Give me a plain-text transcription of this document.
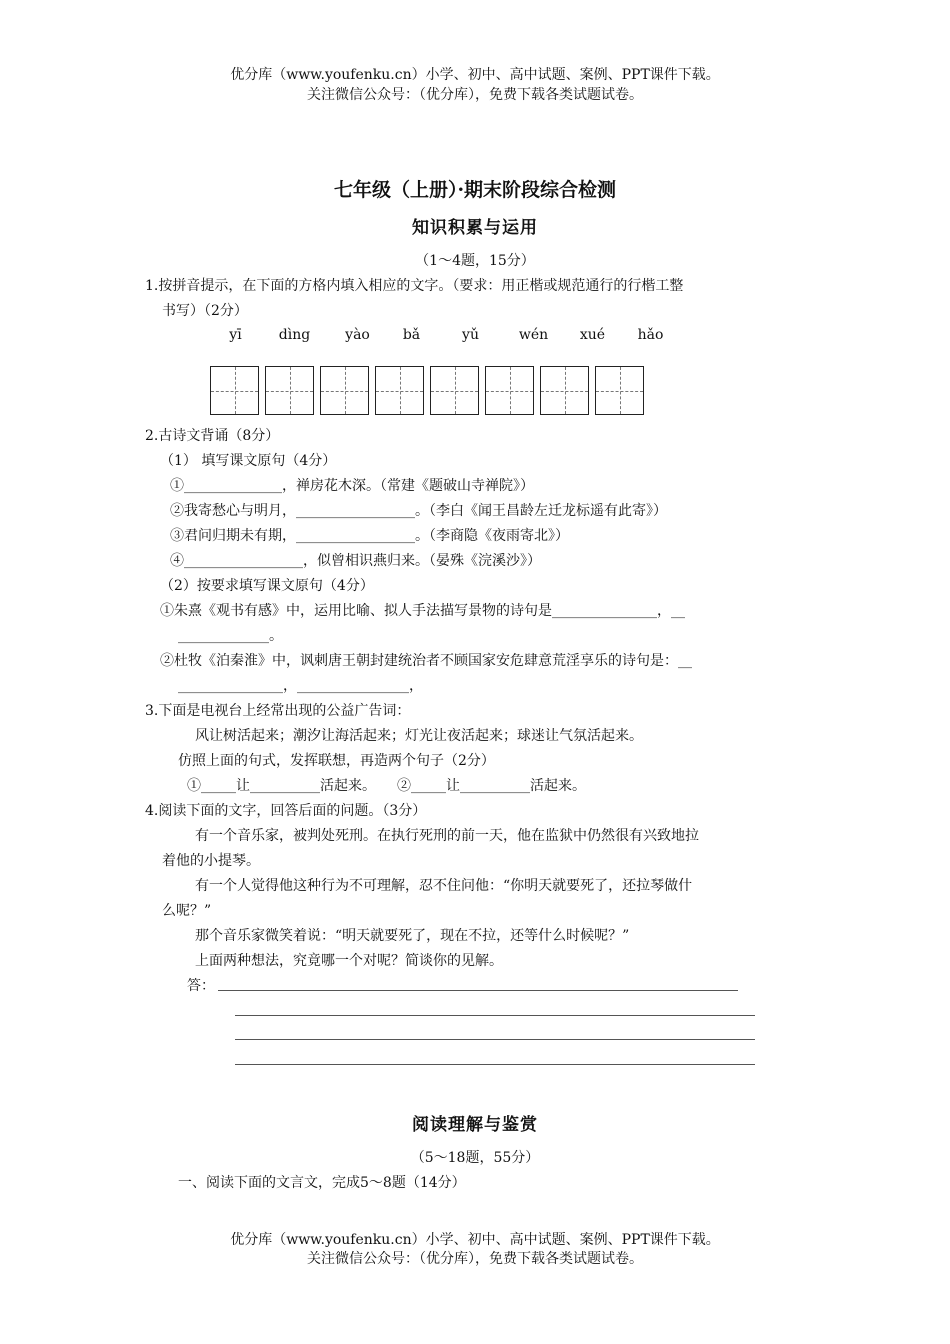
优分库（www.youfenku.cn）小学、初中、高中试题、案例、PPT课件下载。
关注微信公众号：（优分库），免费下载各类试题试卷。
七年级（上册）·期末阶段综合检测
知识积累与运用
（1～4题，15分）
1.按拼音提示，在下面的方格内填入相应的文字。（要求：用正楷或规范通行的行楷工整
书写）（2分）
yī	dìng	yào	bǎ	yǔ	wén	xué	hǎo
2.古诗文背诵（8分）
（1） 填写课文原句（4分）
①______________，禅房花木深。（常建《题破山寺禅院》）
②我寄愁心与明月，_________________。（李白《闻王昌龄左迁龙标遥有此寄》）
③君问归期未有期，_________________。（李商隐《夜雨寄北》）
④_________________，似曾相识燕归来。（晏殊《浣溪沙》）
（2）按要求填写课文原句（4分）
①朱熹《观书有感》中，运用比喻、拟人手法描写景物的诗句是_______________，__
_____________。
②杜牧《泊秦淮》中，讽刺唐王朝封建统治者不顾国家安危肆意荒淫享乐的诗句是：__
_______________，________________，
3.下面是电视台上经常出现的公益广告词：
风让树活起来；潮汐让海活起来；灯光让夜活起来；球迷让气氛活起来。
仿照上面的句式，发挥联想，再造两个句子（2分）
①_____让__________活起来。　　②_____让__________活起来。
4.阅读下面的文字，回答后面的问题。（3分）
有一个音乐家，被判处死刑。在执行死刑的前一天，他在监狱中仍然很有兴致地拉
着他的小提琴。
有一个人觉得他这种行为不可理解，忍不住问他：“你明天就要死了，还拉琴做什
么呢？”
那个音乐家微笑着说：“明天就要死了，现在不拉，还等什么时候呢？”
上面两种想法，究竟哪一个对呢？简谈你的见解。
答：
阅读理解与鉴赏
（5～18题，55分）
一、阅读下面的文言文，完成5～8题（14分）
优分库（www.youfenku.cn）小学、初中、高中试题、案例、PPT课件下载。
关注微信公众号：（优分库），免费下载各类试题试卷。
